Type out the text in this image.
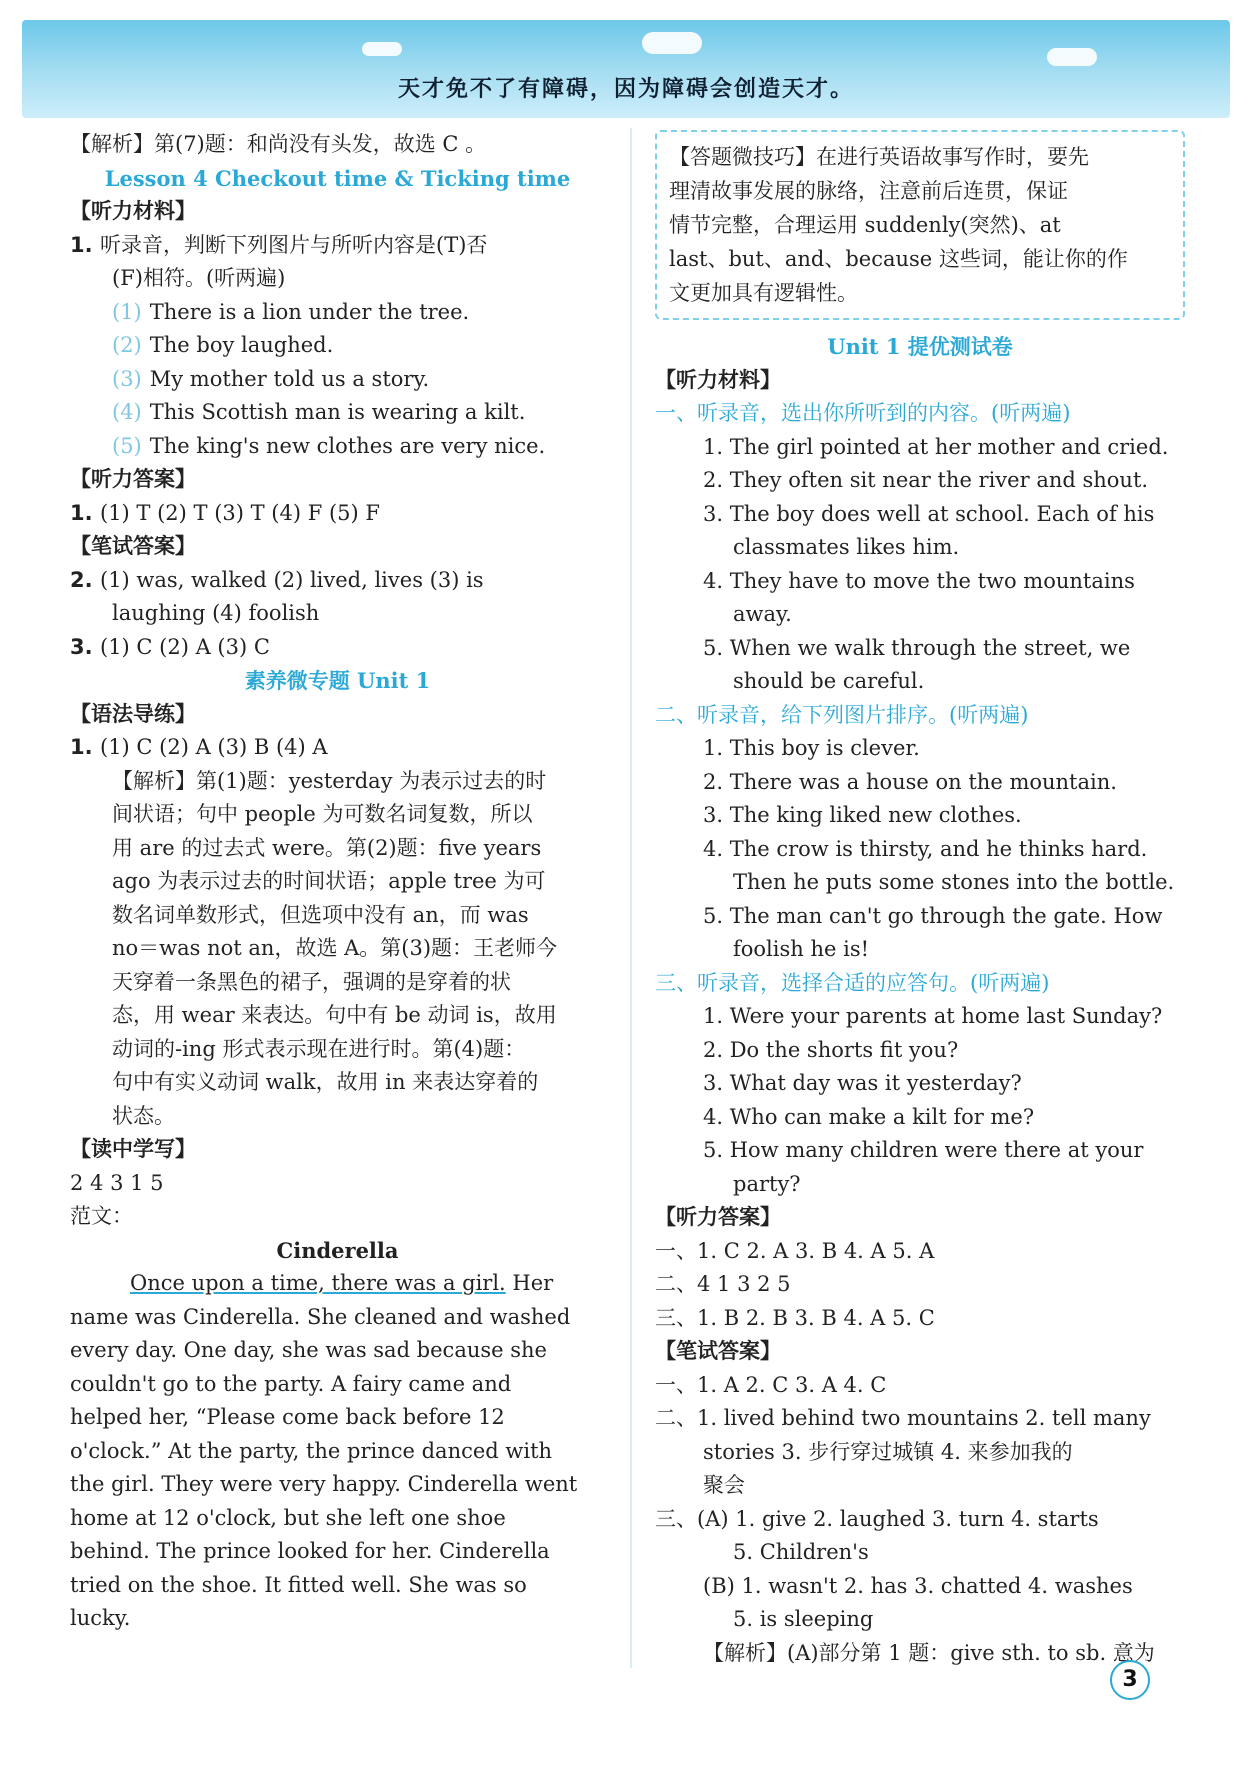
天才免不了有障碍，因为障碍会创造天才。
【解析】第(7)题：和尚没有头发，故选 C 。
Lesson 4 Checkout time & Ticking time
【听力材料】
1. 听录音，判断下列图片与所听内容是(T)否
(F)相符。(听两遍)
(1) There is a lion under the tree.
(2) The boy laughed.
(3) My mother told us a story.
(4) This Scottish man is wearing a kilt.
(5) The king's new clothes are very nice.
【听力答案】
1. (1) T (2) T (3) T (4) F (5) F
【笔试答案】
2. (1) was, walked (2) lived, lives (3) is
laughing (4) foolish
3. (1) C (2) A (3) C
素养微专题 Unit 1
【语法导练】
1. (1) C (2) A (3) B (4) A
【解析】第(1)题：yesterday 为表示过去的时
间状语；句中 people 为可数名词复数，所以
用 are 的过去式 were。第(2)题：five years
ago 为表示过去的时间状语；apple tree 为可
数名词单数形式，但选项中没有 an，而 was
no＝was not an，故选 A。第(3)题：王老师今
天穿着一条黑色的裙子，强调的是穿着的状
态，用 wear 来表达。句中有 be 动词 is，故用
动词的-ing 形式表示现在进行时。第(4)题：
句中有实义动词 walk，故用 in 来表达穿着的
状态。
【读中学写】
2 4 3 1 5
范文：
Cinderella
Once upon a time, there was a girl. Her
name was Cinderella. She cleaned and washed
every day. One day, she was sad because she
couldn't go to the party. A fairy came and
helped her, “Please come back before 12
o'clock.” At the party, the prince danced with
the girl. They were very happy. Cinderella went
home at 12 o'clock, but she left one shoe
behind. The prince looked for her. Cinderella
tried on the shoe. It fitted well. She was so
lucky.
【答题微技巧】在进行英语故事写作时，要先
理清故事发展的脉络，注意前后连贯，保证
情节完整，合理运用 suddenly(突然)、at
last、but、and、because 这些词，能让你的作
文更加具有逻辑性。
Unit 1 提优测试卷
【听力材料】
一、听录音，选出你所听到的内容。(听两遍)
1. The girl pointed at her mother and cried.
2. They often sit near the river and shout.
3. The boy does well at school. Each of his
classmates likes him.
4. They have to move the two mountains
away.
5. When we walk through the street, we
should be careful.
二、听录音，给下列图片排序。(听两遍)
1. This boy is clever.
2. There was a house on the mountain.
3. The king liked new clothes.
4. The crow is thirsty, and he thinks hard.
Then he puts some stones into the bottle.
5. The man can't go through the gate. How
foolish he is!
三、听录音，选择合适的应答句。(听两遍)
1. Were your parents at home last Sunday?
2. Do the shorts fit you?
3. What day was it yesterday?
4. Who can make a kilt for me?
5. How many children were there at your
party?
【听力答案】
一、1. C 2. A 3. B 4. A 5. A
二、4 1 3 2 5
三、1. B 2. B 3. B 4. A 5. C
【笔试答案】
一、1. A 2. C 3. A 4. C
二、1. lived behind two mountains 2. tell many
stories 3. 步行穿过城镇 4. 来参加我的
聚会
三、(A) 1. give 2. laughed 3. turn 4. starts
5. Children's
(B) 1. wasn't 2. has 3. chatted 4. washes
5. is sleeping
【解析】(A)部分第 1 题：give sth. to sb. 意为
3
